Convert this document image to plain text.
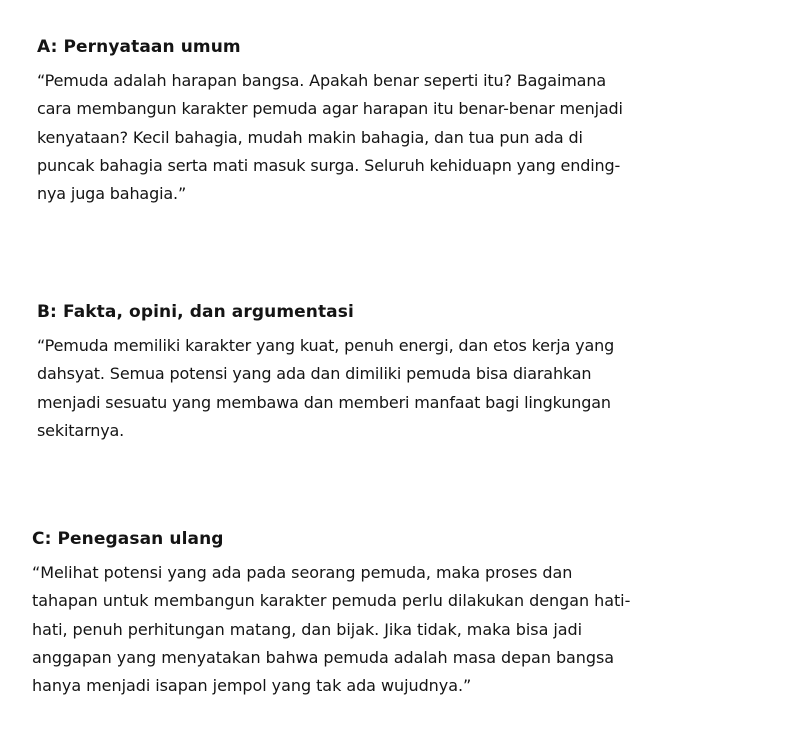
A: Pernyataan umum
“Pemuda adalah harapan bangsa. Apakah benar seperti itu? Bagaimana
cara membangun karakter pemuda agar harapan itu benar-benar menjadi
kenyataan? Kecil bahagia, mudah makin bahagia, dan tua pun ada di
puncak bahagia serta mati masuk surga. Seluruh kehiduapn yang ending-
nya juga bahagia.”
B: Fakta, opini, dan argumentasi
“Pemuda memiliki karakter yang kuat, penuh energi, dan etos kerja yang
dahsyat. Semua potensi yang ada dan dimiliki pemuda bisa diarahkan
menjadi sesuatu yang membawa dan memberi manfaat bagi lingkungan
sekitarnya.
C: Penegasan ulang
“Melihat potensi yang ada pada seorang pemuda, maka proses dan
tahapan untuk membangun karakter pemuda perlu dilakukan dengan hati-
hati, penuh perhitungan matang, dan bijak. Jika tidak, maka bisa jadi
anggapan yang menyatakan bahwa pemuda adalah masa depan bangsa
hanya menjadi isapan jempol yang tak ada wujudnya.”
